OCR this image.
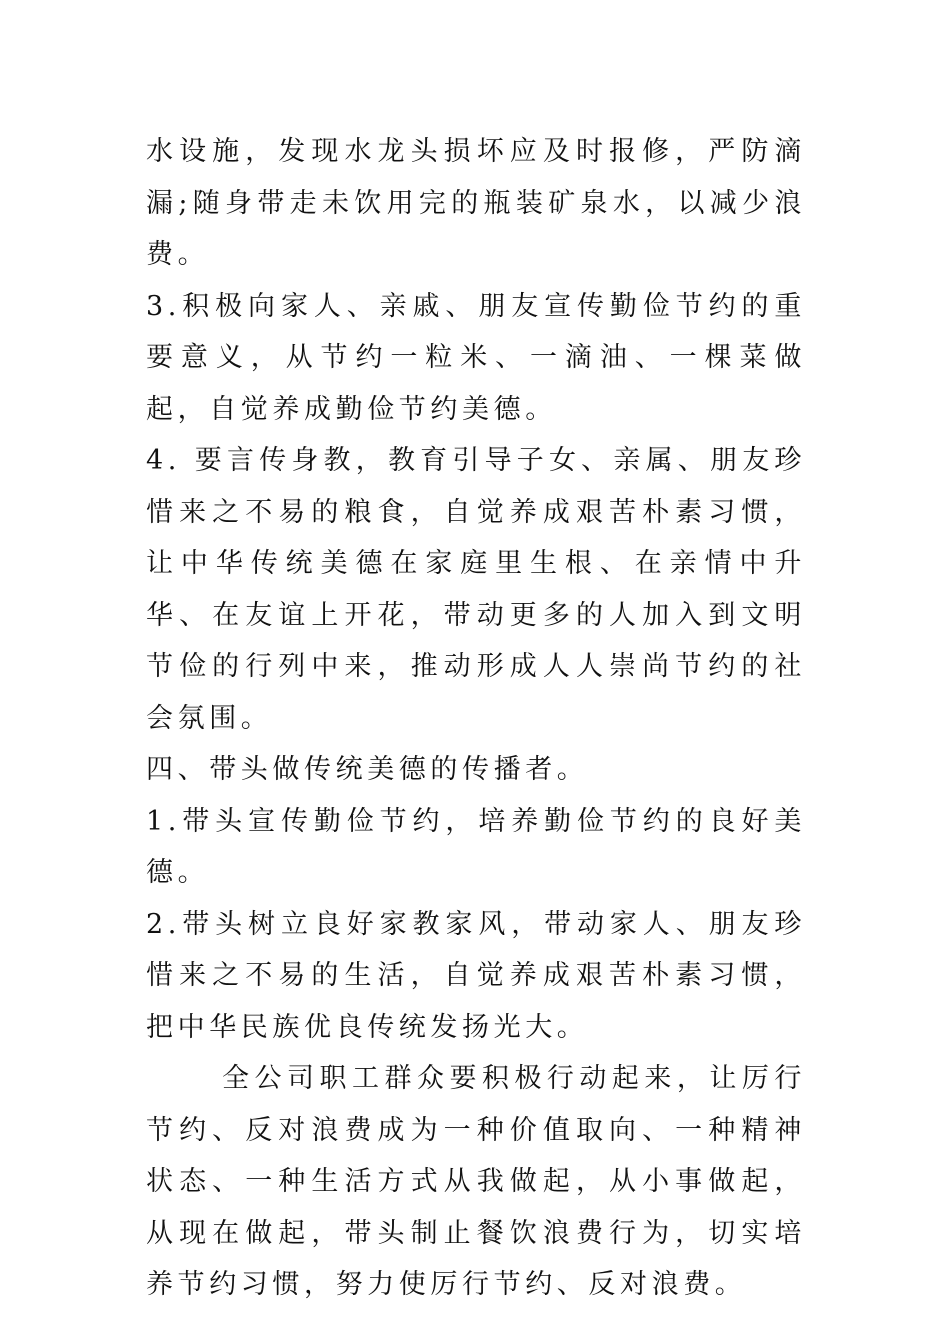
水设施，发现水龙头损坏应及时报修，严防滴漏;随身带走未饮用完的瓶装矿泉水，以减少浪费。

3.积极向家人、亲戚、朋友宣传勤俭节约的重要意义，从节约一粒米、一滴油、一棵菜做起，自觉养成勤俭节约美德。

4. 要言传身教，教育引导子女、亲属、朋友珍惜来之不易的粮食，自觉养成艰苦朴素习惯，让中华传统美德在家庭里生根、在亲情中升华、在友谊上开花，带动更多的人加入到文明节俭的行列中来，推动形成人人崇尚节约的社会氛围。

四、带头做传统美德的传播者。

1.带头宣传勤俭节约，培养勤俭节约的良好美德。

2.带头树立良好家教家风，带动家人、朋友珍惜来之不易的生活，自觉养成艰苦朴素习惯，把中华民族优良传统发扬光大。

全公司职工群众要积极行动起来，让厉行节约、反对浪费成为一种价值取向、一种精神状态、一种生活方式从我做起，从小事做起，从现在做起，带头制止餐饮浪费行为，切实培养节约习惯，努力使厉行节约、反对浪费。
